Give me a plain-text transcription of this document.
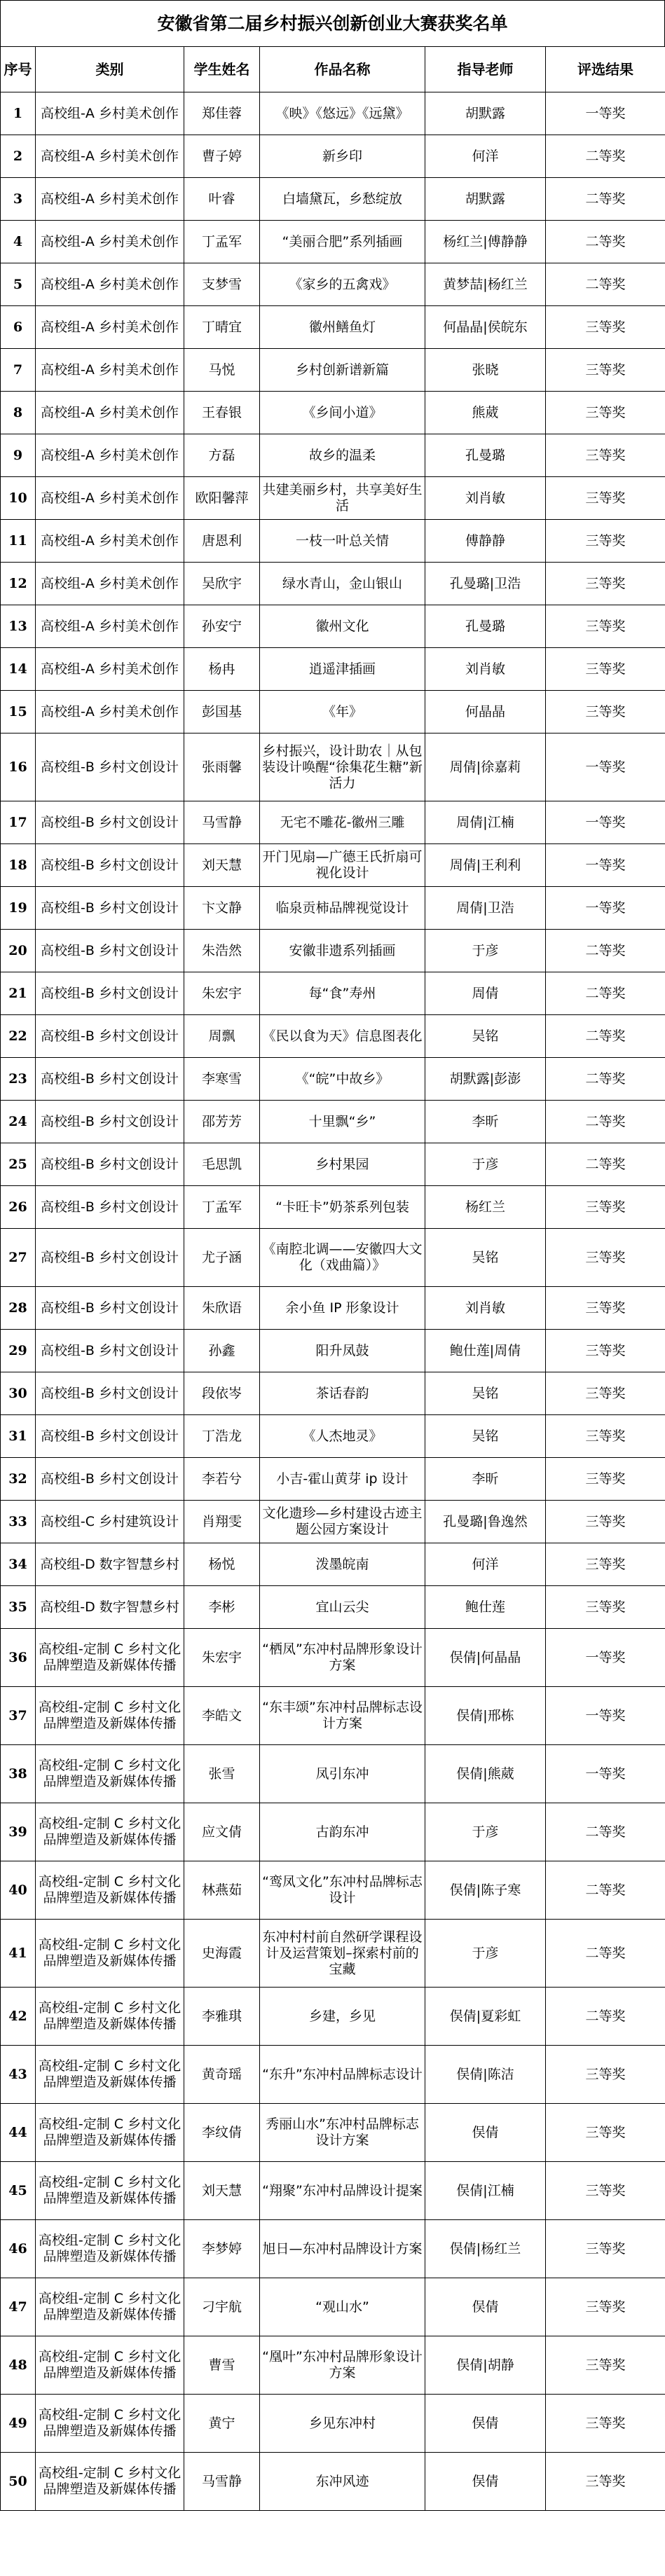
安徽省第二届乡村振兴创新创业大赛获奖名单
序号	类别	学生姓名	作品名称	指导老师	评选结果
1	高校组-A 乡村美术创作	郑佳蓉	《映》《悠远》《远黛》	胡默露	一等奖
2	高校组-A 乡村美术创作	曹子婷	新乡印	何洋	二等奖
3	高校组-A 乡村美术创作	叶睿	白墙黛瓦，乡愁绽放	胡默露	二等奖
4	高校组-A 乡村美术创作	丁孟军	“美丽合肥”系列插画	杨红兰|傅静静	二等奖
5	高校组-A 乡村美术创作	支梦雪	《家乡的五禽戏》	黄梦喆|杨红兰	二等奖
6	高校组-A 乡村美术创作	丁晴宜	徽州鳝鱼灯	何晶晶|侯皖东	三等奖
7	高校组-A 乡村美术创作	马悦	乡村创新谱新篇	张晓	三等奖
8	高校组-A 乡村美术创作	王春银	《乡间小道》	熊葳	三等奖
9	高校组-A 乡村美术创作	方磊	故乡的温柔	孔曼璐	三等奖
10	高校组-A 乡村美术创作	欧阳馨萍	共建美丽乡村，共享美好生活	刘肖敏	三等奖
11	高校组-A 乡村美术创作	唐恩利	一枝一叶总关情	傅静静	三等奖
12	高校组-A 乡村美术创作	吴欣宇	绿水青山，金山银山	孔曼璐|卫浩	三等奖
13	高校组-A 乡村美术创作	孙安宁	徽州文化	孔曼璐	三等奖
14	高校组-A 乡村美术创作	杨冉	逍遥津插画	刘肖敏	三等奖
15	高校组-A 乡村美术创作	彭国基	《年》	何晶晶	三等奖
16	高校组-B 乡村文创设计	张雨馨	乡村振兴，设计助农｜从包装设计唤醒“徐集花生糖”新活力	周倩|徐嘉莉	一等奖
17	高校组-B 乡村文创设计	马雪静	无宅不雕花-徽州三雕	周倩|江楠	一等奖
18	高校组-B 乡村文创设计	刘天慧	开门见扇—广德王氏折扇可视化设计	周倩|王利利	一等奖
19	高校组-B 乡村文创设计	卞文静	临泉贡柿品牌视觉设计	周倩|卫浩	一等奖
20	高校组-B 乡村文创设计	朱浩然	安徽非遗系列插画	于彦	二等奖
21	高校组-B 乡村文创设计	朱宏宇	每“食”寿州	周倩	二等奖
22	高校组-B 乡村文创设计	周飘	《民以食为天》信息图表化	吴铭	二等奖
23	高校组-B 乡村文创设计	李寒雪	《“皖”中故乡》	胡默露|彭澎	二等奖
24	高校组-B 乡村文创设计	邵芳芳	十里飘“乡”	李昕	二等奖
25	高校组-B 乡村文创设计	毛思凯	乡村果园	于彦	二等奖
26	高校组-B 乡村文创设计	丁孟军	“卡旺卡”奶茶系列包装	杨红兰	三等奖
27	高校组-B 乡村文创设计	尤子涵	《南腔北调——安徽四大文化（戏曲篇）》	吴铭	三等奖
28	高校组-B 乡村文创设计	朱欣语	余小鱼 IP 形象设计	刘肖敏	三等奖
29	高校组-B 乡村文创设计	孙鑫	阳升凤鼓	鲍仕莲|周倩	三等奖
30	高校组-B 乡村文创设计	段依岑	茶话春韵	吴铭	三等奖
31	高校组-B 乡村文创设计	丁浩龙	《人杰地灵》	吴铭	三等奖
32	高校组-B 乡村文创设计	李若兮	小吉-霍山黄芽 ip 设计	李昕	三等奖
33	高校组-C 乡村建筑设计	肖翔雯	文化遗珍—乡村建设古迹主题公园方案设计	孔曼璐|鲁逸然	三等奖
34	高校组-D 数字智慧乡村	杨悦	泼墨皖南	何洋	三等奖
35	高校组-D 数字智慧乡村	李彬	宜山云尖	鲍仕莲	三等奖
36	高校组-定制 C 乡村文化品牌塑造及新媒体传播	朱宏宇	“栖凤”东冲村品牌形象设计方案	俣倩|何晶晶	一等奖
37	高校组-定制 C 乡村文化品牌塑造及新媒体传播	李皓文	“东丰颂”东冲村品牌标志设计方案	俣倩|邢栋	一等奖
38	高校组-定制 C 乡村文化品牌塑造及新媒体传播	张雪	凤引东冲	俣倩|熊葳	一等奖
39	高校组-定制 C 乡村文化品牌塑造及新媒体传播	应文倩	古韵东冲	于彦	二等奖
40	高校组-定制 C 乡村文化品牌塑造及新媒体传播	林燕茹	“鸾凤文化”东冲村品牌标志设计	俣倩|陈子寒	二等奖
41	高校组-定制 C 乡村文化品牌塑造及新媒体传播	史海霞	东冲村村前自然研学课程设计及运营策划–探索村前的宝藏	于彦	二等奖
42	高校组-定制 C 乡村文化品牌塑造及新媒体传播	李雅琪	乡建，乡见	俣倩|夏彩虹	二等奖
43	高校组-定制 C 乡村文化品牌塑造及新媒体传播	黄奇瑶	“东升”东冲村品牌标志设计	俣倩|陈洁	三等奖
44	高校组-定制 C 乡村文化品牌塑造及新媒体传播	李纹倩	秀丽山水”东冲村品牌标志设计方案	俣倩	三等奖
45	高校组-定制 C 乡村文化品牌塑造及新媒体传播	刘天慧	“翔聚”东冲村品牌设计提案	俣倩|江楠	三等奖
46	高校组-定制 C 乡村文化品牌塑造及新媒体传播	李梦婷	旭日—东冲村品牌设计方案	俣倩|杨红兰	三等奖
47	高校组-定制 C 乡村文化品牌塑造及新媒体传播	刁宇航	“观山水”	俣倩	三等奖
48	高校组-定制 C 乡村文化品牌塑造及新媒体传播	曹雪	“凰叶”东冲村品牌形象设计方案	俣倩|胡静	三等奖
49	高校组-定制 C 乡村文化品牌塑造及新媒体传播	黄宁	乡见东冲村	俣倩	三等奖
50	高校组-定制 C 乡村文化品牌塑造及新媒体传播	马雪静	东冲风迹	俣倩	三等奖
